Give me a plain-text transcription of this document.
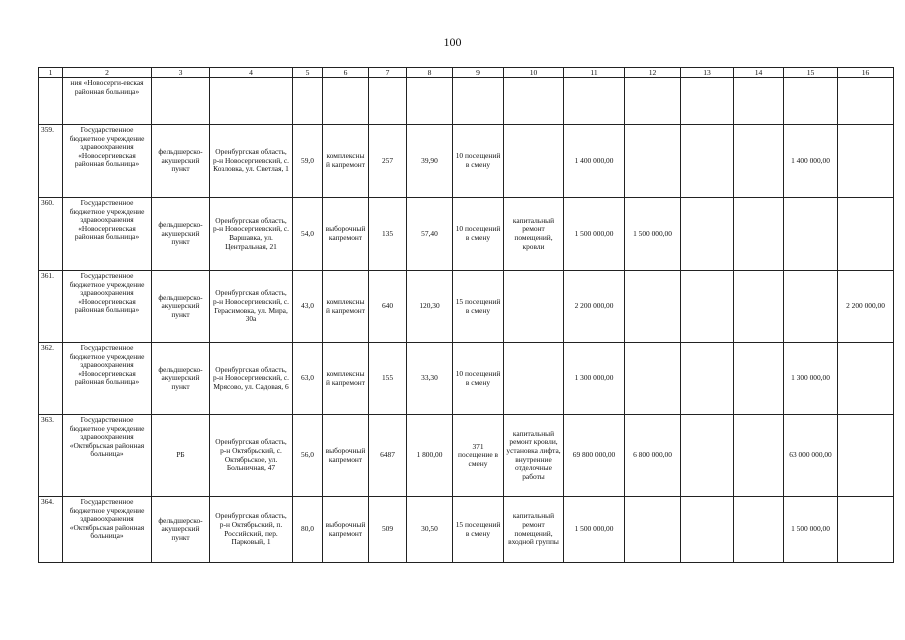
100
1	2	3	4	5	6	7	8	9	10	11	12	13	14	15	16
	ния «Новосерги-евская районная больница»														
359.	Государственное бюджетное учреждение здравоохранения «Новосергиевская районная больница»	фельдшерско-акушерский пункт	Оренбургская область, р-н Новосергиевский, с. Козловка, ул. Светлая, 1	59,0	комплексный капремонт	257	39,90	10 посещений в смену		1 400 000,00				1 400 000,00	
360.	Государственное бюджетное учреждение здравоохранения «Новосергиевская районная больница»	фельдшерско-акушерский пункт	Оренбургская область, р-н Новосергиевский, с. Варшавка, ул. Центральная, 21	54,0	выборочный капремонт	135	57,40	10 посещений в смену	капитальный ремонт помещений, кровли	1 500 000,00	1 500 000,00				
361.	Государственное бюджетное учреждение здравоохранения «Новосергиевская районная больница»	фельдшерско-акушерский пункт	Оренбургская область, р-н Новосергиевский, с. Герасимовка, ул. Мира, 30а	43,0	комплексный капремонт	640	120,30	15 посещений в смену		2 200 000,00					2 200 000,00
362.	Государственное бюджетное учреждение здравоохранения «Новосергиевская районная больница»	фельдшерско-акушерский пункт	Оренбургская область, р-н Новосергиевский, с. Мрясово, ул. Садовая, 6	63,0	комплексный капремонт	155	33,30	10 посещений в смену		1 300 000,00				1 300 000,00	
363.	Государственное бюджетное учреждение здравоохранения «Октябрьская районная больница»	РБ	Оренбургская область, р-н Октябрьский, с. Октябрьское, ул. Больничная, 47	56,0	выборочный капремонт	6487	1 800,00	371 посещение в смену	капитальный ремонт кровли, установка лифта, внутренние отделочные работы	69 800 000,00	6 800 000,00			63 000 000,00	
364.	Государственное бюджетное учреждение здравоохранения «Октябрьская районная больница»	фельдшерско-акушерский пункт	Оренбургская область, р-н Октябрьский, п. Российский, пер. Парковый, 1	80,0	выборочный капремонт	509	30,50	15 посещений в смену	капитальный ремонт помещений, входной группы	1 500 000,00				1 500 000,00	
